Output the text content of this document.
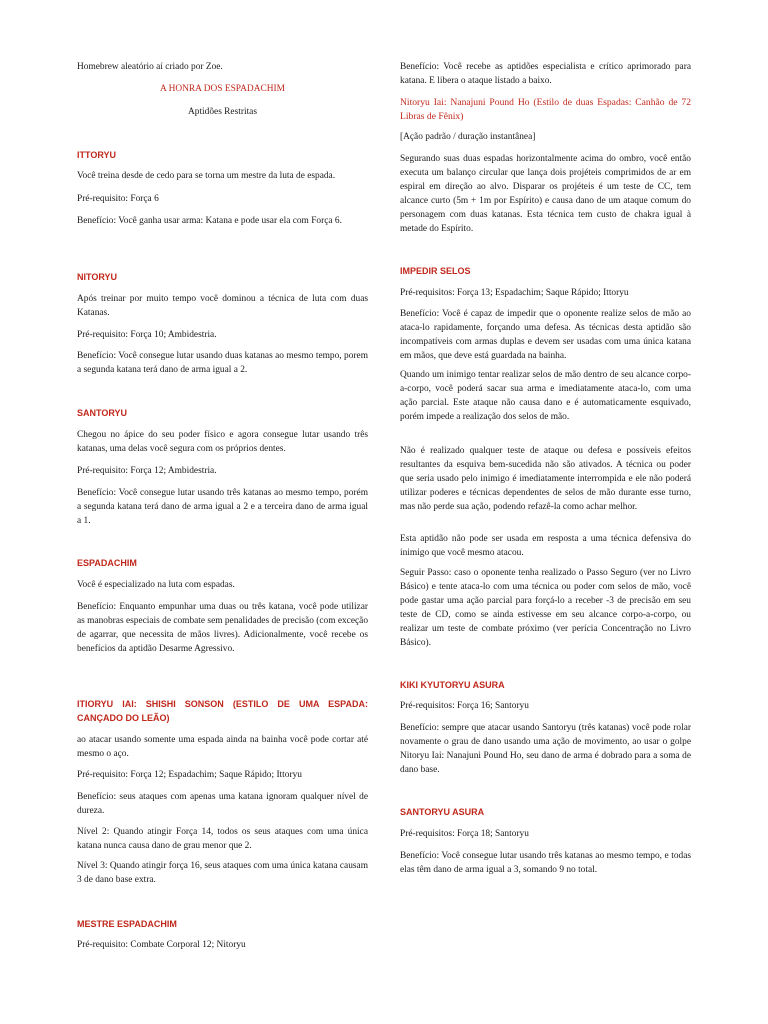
Homebrew aleatório aí criado por Zoe.

A HONRA DOS ESPADACHIM

Aptidões Restritas

ITTORYU

Você treina desde de cedo para se torna um mestre da luta de espada.

Pré-requisito: Força 6

Benefício: Você ganha usar arma: Katana e pode usar ela com Força 6.

NITORYU

Após treinar por muito tempo você dominou a técnica de luta com duas Katanas.

Pré-requisito: Força 10; Ambidestria.

Benefício: Você consegue lutar usando duas katanas ao mesmo tempo, porem a segunda katana terá dano de arma igual a 2.

SANTORYU

Chegou no ápice do seu poder físico e agora consegue lutar usando três katanas, uma delas você segura com os próprios dentes.

Pré-requisito: Força 12; Ambidestria.

Benefício: Você consegue lutar usando três katanas ao mesmo tempo, porém a segunda katana terá dano de arma igual a 2 e a terceira dano de arma igual a 1.

ESPADACHIM

Você é especializado na luta com espadas.

Benefício: Enquanto empunhar uma duas ou três katana, você pode utilizar as manobras especiais de combate sem penalidades de precisão (com exceção de agarrar, que necessita de mãos livres). Adicionalmente, você recebe os benefícios da aptidão Desarme Agressivo.

ITIORYU IAI: SHISHI SONSON (ESTILO DE UMA ESPADA: CANÇADO DO LEÃO)

ao atacar usando somente uma espada ainda na bainha você pode cortar até mesmo o aço.

Pré-requisito: Força 12; Espadachim; Saque Rápido; Ittoryu

Benefício: seus ataques com apenas uma katana ignoram qualquer nível de dureza.

Nível 2: Quando atingir Força 14, todos os seus ataques com uma única katana nunca causa dano de grau menor que 2.

Nível 3: Quando atingir força 16, seus ataques com uma única katana causam 3 de dano base extra.

MESTRE ESPADACHIM

Pré-requisito: Combate Corporal 12; Nitoryu

Benefício: Você recebe as aptidões especialista e crítico aprimorado para katana. E libera o ataque listado a baixo.

Nitoryu Iai: Nanajuni Pound Ho (Estilo de duas Espadas: Canhão de 72 Libras de Fênix)

[Ação padrão / duração instantânea]

Segurando suas duas espadas horizontalmente acima do ombro, você então executa um balanço circular que lança dois projéteis comprimidos de ar em espiral em direção ao alvo. Disparar os projéteis é um teste de CC, tem alcance curto (5m + 1m por Espírito) e causa dano de um ataque comum do personagem com duas katanas. Esta técnica tem custo de chakra igual à metade do Espírito.

IMPEDIR SELOS

Pré-requisitos: Força 13; Espadachim; Saque Rápido; Ittoryu

Benefício: Você é capaz de impedir que o oponente realize selos de mão ao ataca-lo rapidamente, forçando uma defesa. As técnicas desta aptidão são incompatíveis com armas duplas e devem ser usadas com uma única katana em mãos, que deve está guardada na bainha.

Quando um inimigo tentar realizar selos de mão dentro de seu alcance corpo-a-corpo, você poderá sacar sua arma e imediatamente ataca-lo, com uma ação parcial. Este ataque não causa dano e é automaticamente esquivado, porém impede a realização dos selos de mão.

Não é realizado qualquer teste de ataque ou defesa e possíveis efeitos resultantes da esquiva bem-sucedida não são ativados. A técnica ou poder que seria usado pelo inimigo é imediatamente interrompida e ele não poderá utilizar poderes e técnicas dependentes de selos de mão durante esse turno, mas não perde sua ação, podendo refazê-la como achar melhor.

Esta aptidão não pode ser usada em resposta a uma técnica defensiva do inimigo que você mesmo atacou.

Seguir Passo: caso o oponente tenha realizado o Passo Seguro (ver no Livro Básico) e tente ataca-lo com uma técnica ou poder com selos de mão, você pode gastar uma ação parcial para forçá-lo a receber -3 de precisão em seu teste de CD, como se ainda estivesse em seu alcance corpo-a-corpo, ou realizar um teste de combate próximo (ver perícia Concentração no Livro Básico).

KIKI KYUTORYU ASURA

Pré-requisitos: Força 16; Santoryu

Benefício: sempre que atacar usando Santoryu (três katanas) você pode rolar novamente o grau de dano usando uma ação de movimento, ao usar o golpe Nitoryu Iai: Nanajuni Pound Ho, seu dano de arma é dobrado para a soma de dano base.

SANTORYU ASURA

Pré-requisitos: Força 18; Santoryu

Benefício: Você consegue lutar usando três katanas ao mesmo tempo, e todas elas têm dano de arma igual a 3, somando 9 no total.
